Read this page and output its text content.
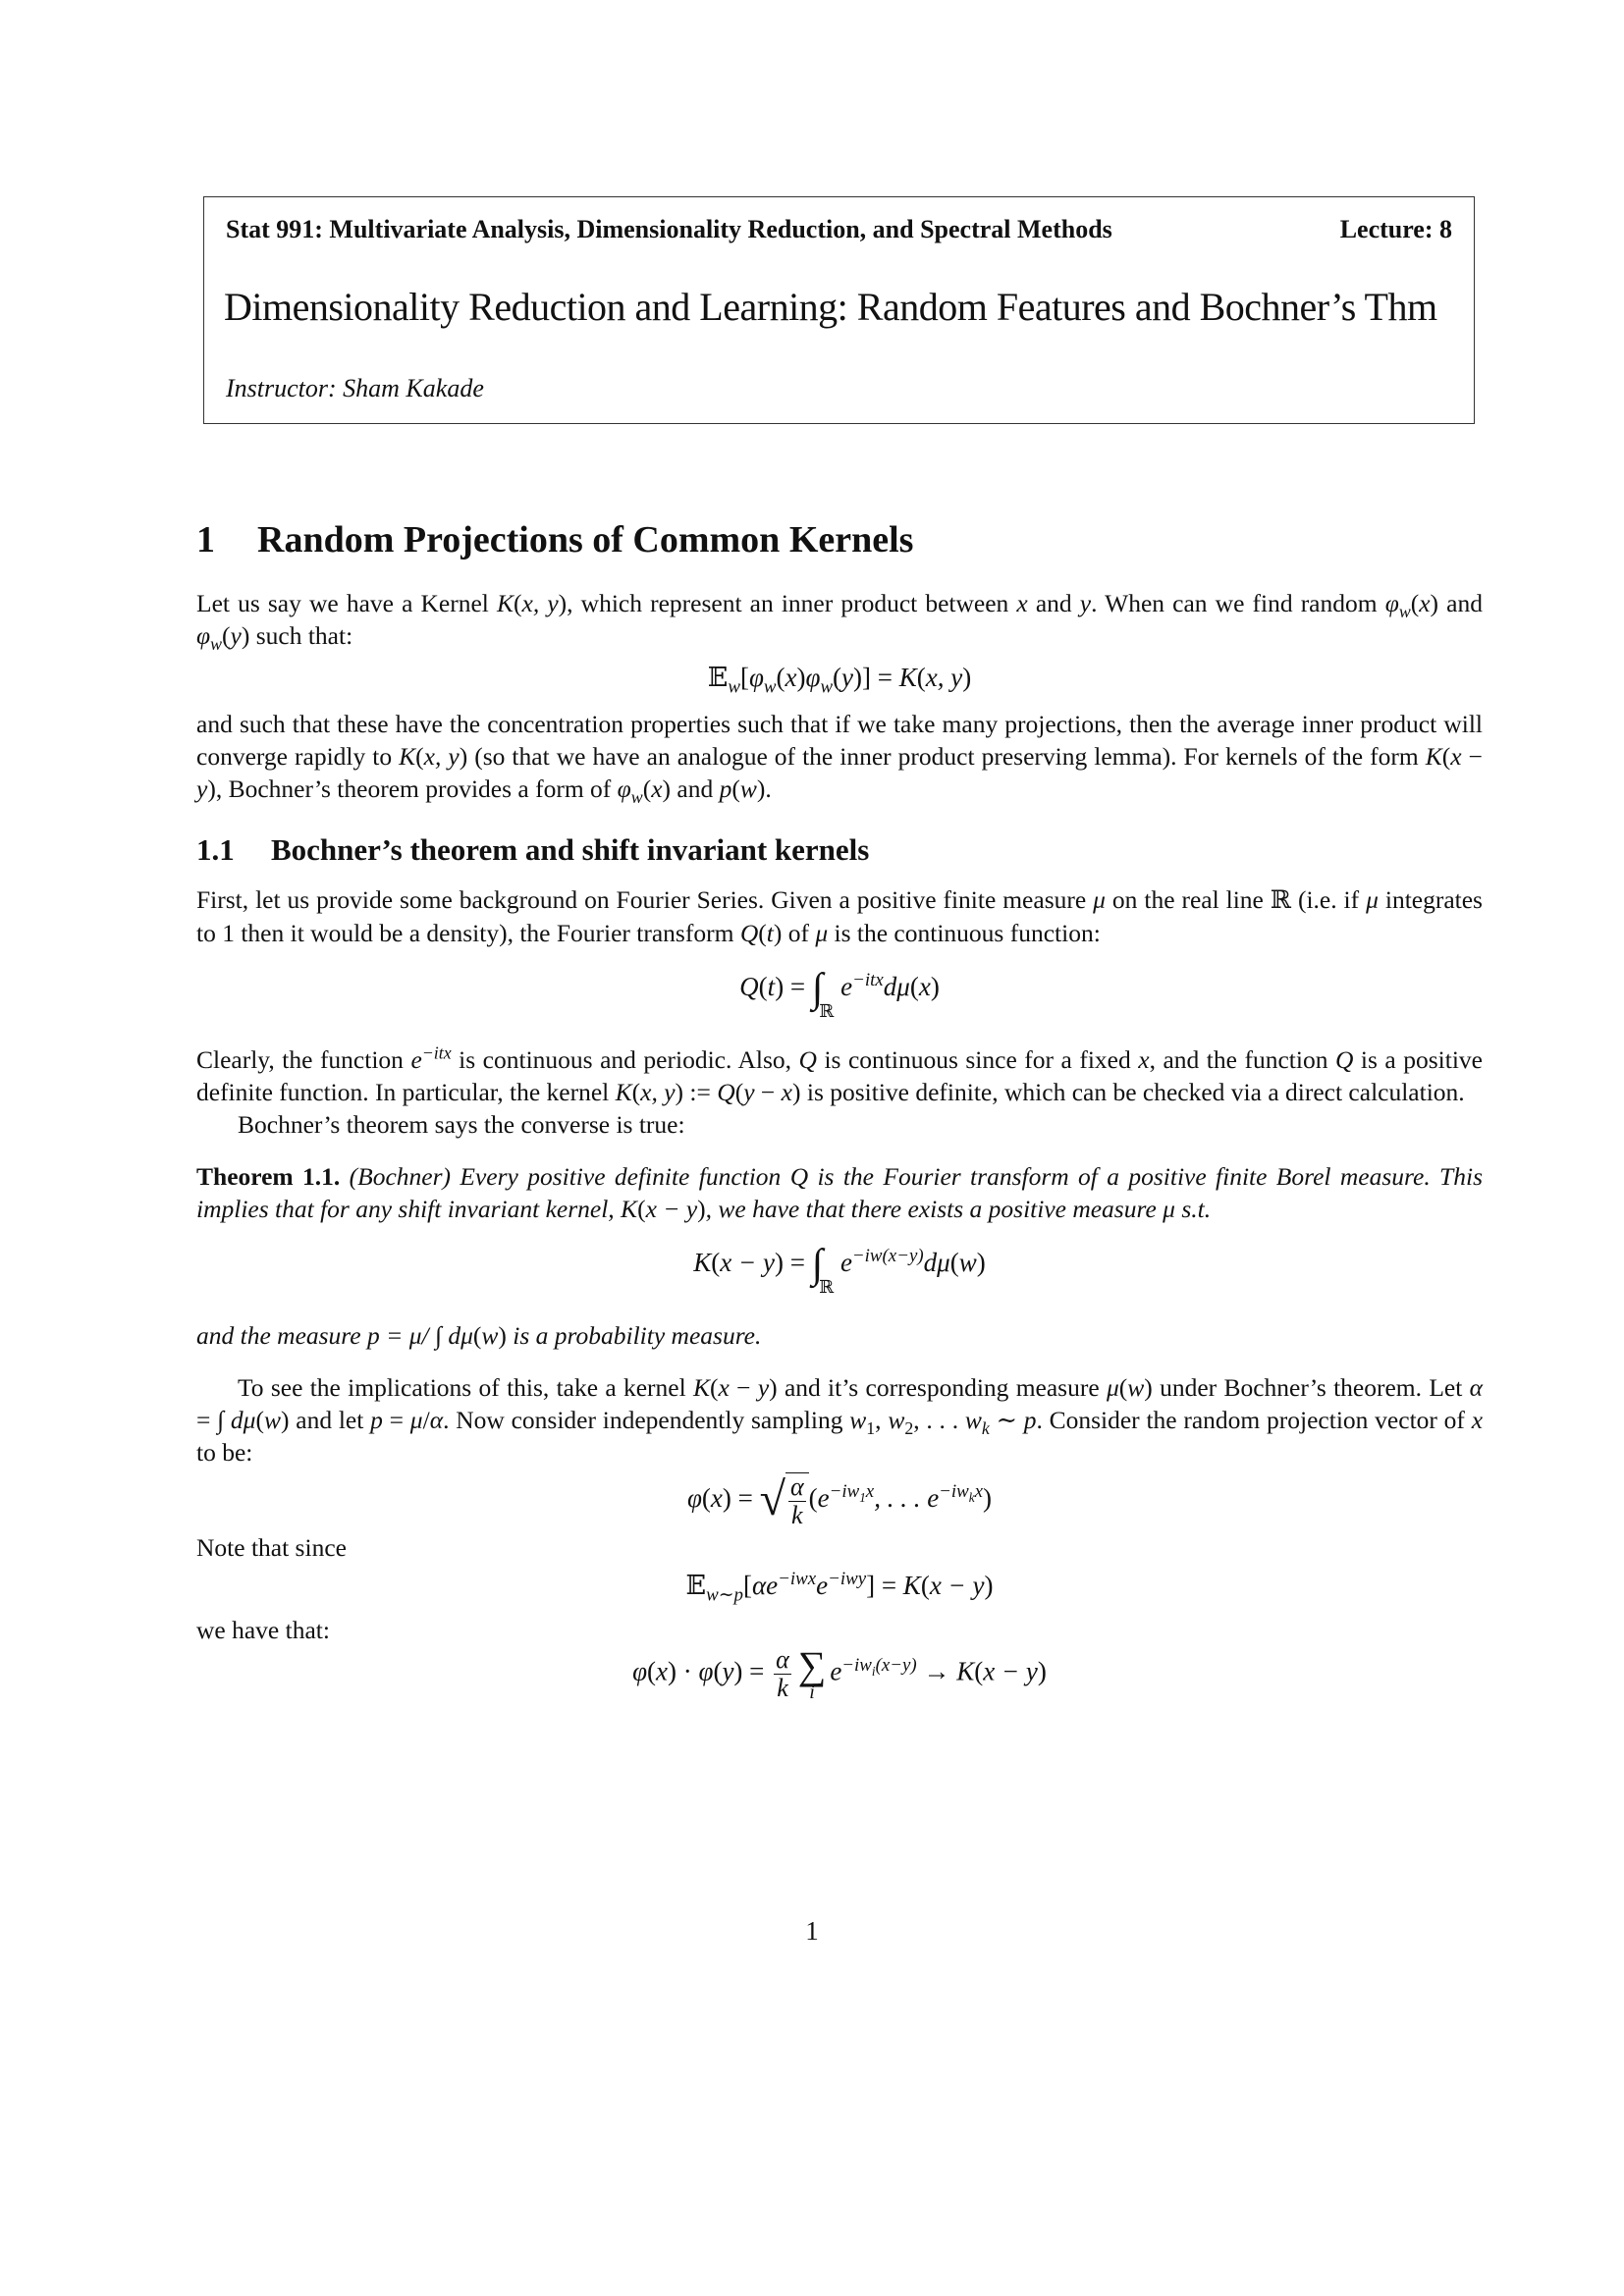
Stat 991: Multivariate Analysis, Dimensionality Reduction, and Spectral Methods	Lecture: 8
Dimensionality Reduction and Learning: Random Features and Bochner’s Thm
Instructor: Sham Kakade
1 Random Projections of Common Kernels

Let us say we have a Kernel K(x, y), which represent an inner product between x and y. When can we find random $\varphi_w(x)$ and $\varphi_w(y)$ such that:

$𝔼_w[\varphi_w(x)\varphi_w(y)] = K(x$, y)

and such that these have the concentration properties such that if we take many projections, then the average inner product will converge rapidly to K(x, y) (so that we have an analogue of the inner product preserving lemma). For kernels of the form K(x − y), Bochner’s theorem provides a form of $\varphi_w(x)$ and p(w).

1.1 Bochner’s theorem and shift invariant kernels

First, let us provide some background on Fourier Series. Given a positive finite measure μ on the real line ℝ (i.e. if μ integrates to 1 then it would be a density), the Fourier transform Q(t) of μ is the continuous function:

$Q(t) = \int_ℝ$ $e^{-itx}d\mu(x)$

Clearly, the function $e^{-itx}$ is continuous and periodic. Also, Q is continuous since for a fixed x, and the function Q is a positive definite function. In particular, the kernel K(x, y) := Q(y − x) is positive definite, which can be checked via a direct calculation.

Bochner’s theorem says the converse is true:

Theorem 1.1. (Bochner) Every positive definite function Q is the Fourier transform of a positive finite Borel measure. This implies that for any shift invariant kernel, K(x − y), we have that there exists a positive measure μ s.t.

$K(x - y) = \int_ℝ$ $e^{-iw(x-y)}d\mu(w)$

and the measure p = μ/ ∫ dμ(w) is a probability measure.

To see the implications of this, take a kernel K(x − y) and it’s corresponding measure μ(w) under Bochner’s theorem. Let α = ∫ dμ(w) and let p = μ/α. Now consider independently sampling $w_1$, $w_2$, . . . $w_k$ ∼ p. Consider the random projection vector of x to be:

φ(x) = √ $\frac{\alpha}{k} (e^{-iw_1x}$, . . . $e^{-iw_kx}$)

Note that since

$𝔼_{w\sim p}[\alpha e^{-iwx}e^{-iwy}] = K(x - y)$

we have that:

$\varphi(x) \cdot \varphi(y) = \frac{\alpha}{k}$ ∑
i
$e^{-iw_i(x-y)} \to K(x - y)$
1
